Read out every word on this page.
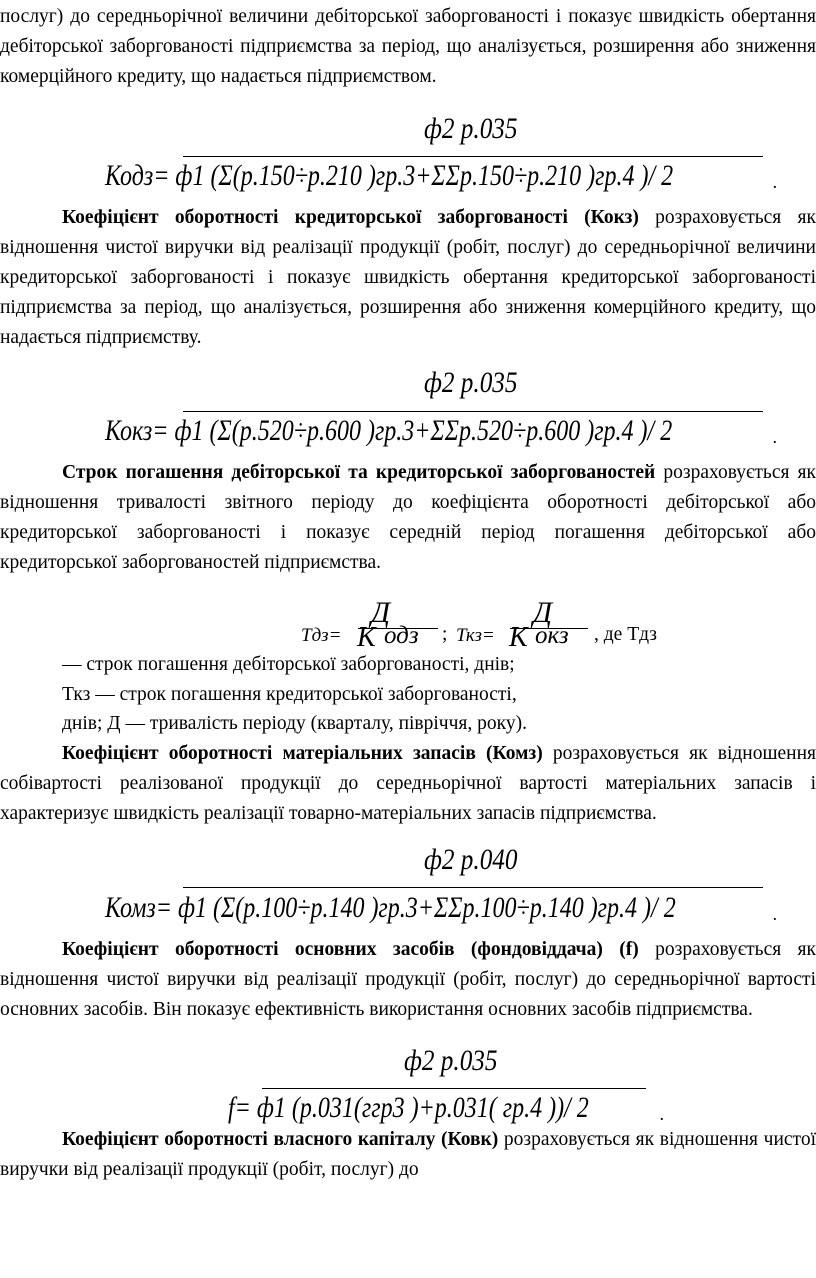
послуг) до середньорічної величини дебіторської заборгованості і показує швидкість обертання дебіторської заборгованості підприємства за період, що аналізується, розширення або зниження комерційного кредиту, що надається підприємством.

ф2 р.035
Кодз= ф1 (Σ(р.150÷р.210 )гр.3+ΣΣр.150÷р.210 )гр.4 )/ 2	.

Коефіцієнт оборотності кредиторської заборгованості (Кокз) розраховується як відношення чистої виручки від реалізації продукції (робіт, послуг) до середньорічної величини кредиторської заборгованості і показує швидкість обертання кредиторської заборгованості підприємства за період, що аналізується, розширення або зниження комерційного кредиту, що надається підприємству.

ф2 р.035
Кокз= ф1 (Σ(р.520÷р.600 )гр.3+ΣΣр.520÷р.600 )гр.4 )/ 2	.

Строк погашення дебіторської та кредиторської заборгованостей розраховується як відношення тривалості звітного періоду до коефіцієнта оборотності дебіторської або кредиторської заборгованості і показує середній період погашення дебіторської або кредиторської заборгованостей підприємства.

Тдз=
Д
К одз ; Ткз=
Д
К окз , де Тдз
— строк погашення дебіторської заборгованості, днів;
Ткз — строк погашення кредиторської заборгованості,
днів; Д — тривалість періоду (кварталу, півріччя, року).

Коефіцієнт оборотності матеріальних запасів (Комз) розраховується як відношення собівартості реалізованої продукції до середньорічної вартості матеріальних запасів і характеризує швидкість реалізації товарно-матеріальних запасів підприємства.

ф2 р.040
Комз= ф1 (Σ(р.100÷р.140 )гр.3+ΣΣр.100÷р.140 )гр.4 )/ 2	.

Коефіцієнт оборотності основних засобів (фондовіддача) (f) розраховується як відношення чистої виручки від реалізації продукції (робіт, послуг) до середньорічної вартості основних засобів. Він показує ефективність використання основних засобів підприємства.

ф2 р.035
f= ф1 (р.031(ггр3 )+р.031( гр.4 ))/ 2	.

Коефіцієнт оборотності власного капіталу (Ковк) розраховується як відношення чистої виручки від реалізації продукції (робіт, послуг) до
